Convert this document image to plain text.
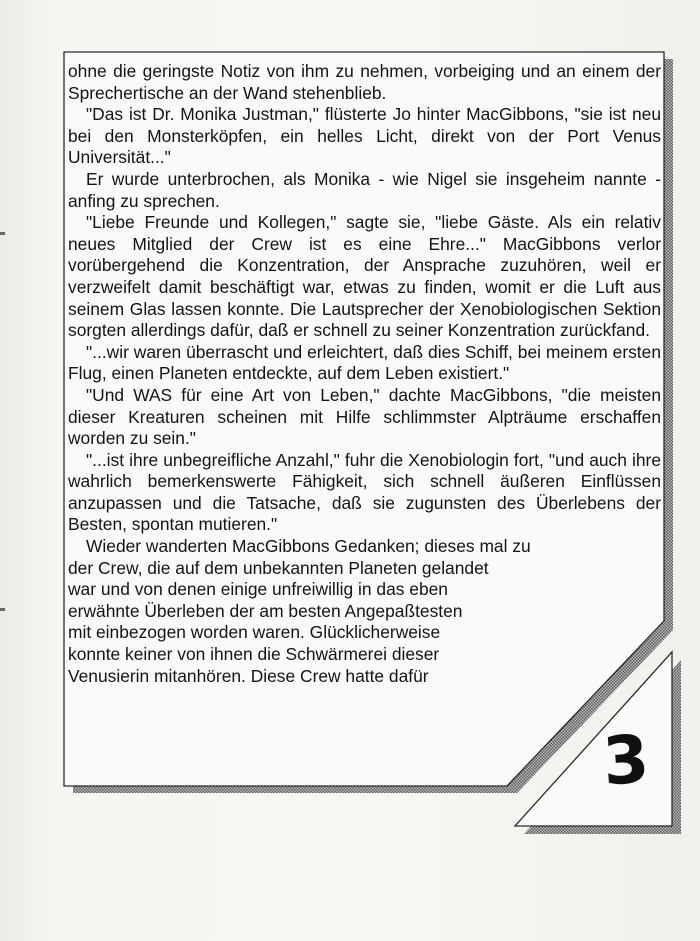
ohne die geringste Notiz von ihm zu nehmen, vorbeiging und an einem der Sprechertische an der Wand stehenblieb.

"Das ist Dr. Monika Justman," flüsterte Jo hinter MacGibbons, "sie ist neu bei den Monsterköpfen, ein helles Licht, direkt von der Port Venus Universität..."

Er wurde unterbrochen, als Monika - wie Nigel sie insgeheim nannte - anfing zu sprechen.

"Liebe Freunde und Kollegen," sagte sie, "liebe Gäste. Als ein relativ neues Mitglied der Crew ist es eine Ehre..." MacGibbons verlor vorübergehend die Konzentration, der Ansprache zuzuhören, weil er verzweifelt damit beschäftigt war, etwas zu finden, womit er die Luft aus seinem Glas lassen konnte. Die Lautsprecher der Xenobiologischen Sektion sorgten allerdings dafür, daß er schnell zu seiner Konzentration zurückfand.

"...wir waren überrascht und erleichtert, daß dies Schiff, bei meinem ersten Flug, einen Planeten entdeckte, auf dem Leben existiert."

"Und WAS für eine Art von Leben," dachte MacGibbons, "die meisten dieser Kreaturen scheinen mit Hilfe schlimmster Alpträume erschaffen worden zu sein."

"...ist ihre unbegreifliche Anzahl," fuhr die Xenobiologin fort, "und auch ihre wahrlich bemerkenswerte Fähigkeit, sich schnell äußeren Einflüssen anzupassen und die Tatsache, daß sie zugunsten des Überlebens der Besten, spontan mutieren."

Wieder wanderten MacGibbons Gedanken; dieses mal zu
der Crew, die auf dem unbekannten Planeten gelandet
war und von denen einige unfreiwillig in das eben
erwähnte Überleben der am besten Angepaßtesten
mit einbezogen worden waren. Glücklicherweise
konnte keiner von ihnen die Schwärmerei dieser
Venusierin mitanhören. Diese Crew hatte dafür

3
